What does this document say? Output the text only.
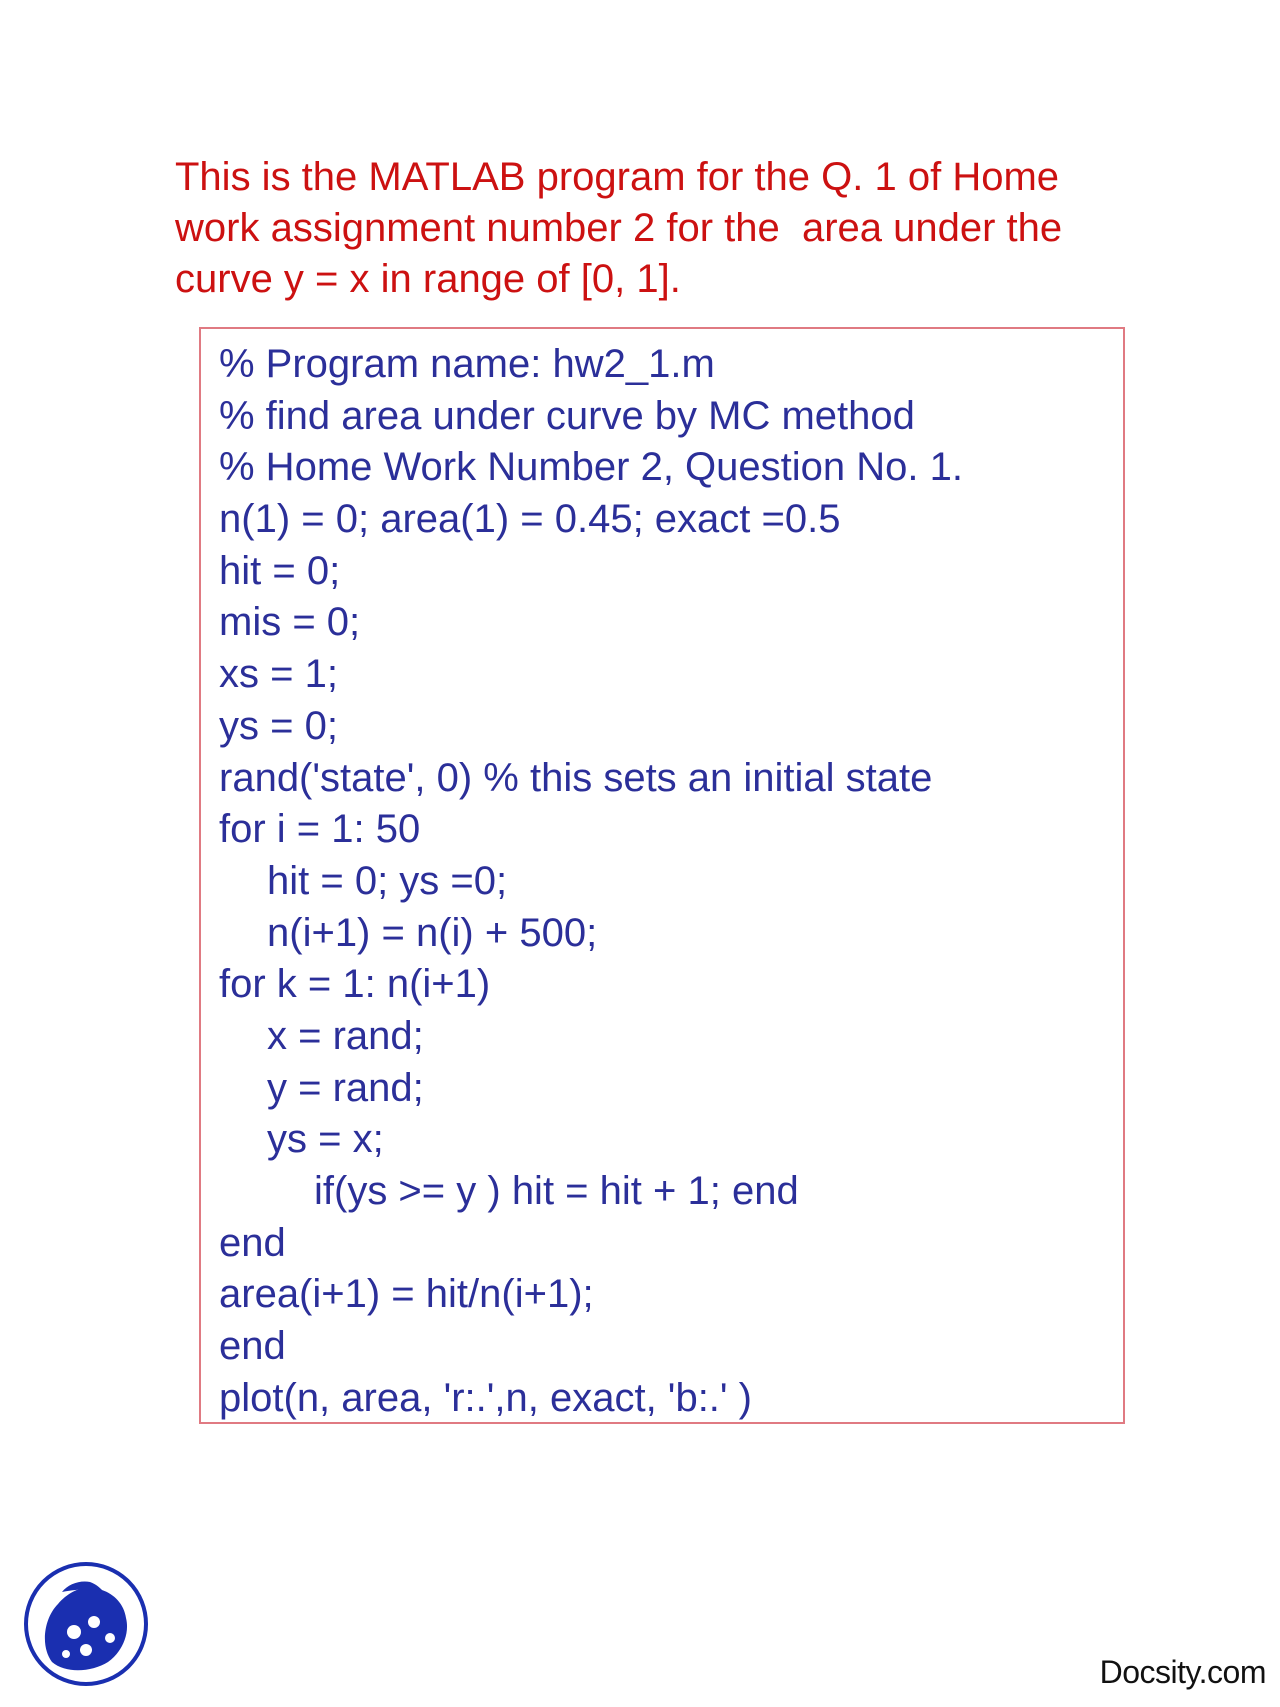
This is the MATLAB program for the Q. 1 of Home
work assignment number 2 for the  area under the
curve y = x in range of [0, 1].
% Program name: hw2_1.m
% find area under curve by MC method
% Home Work Number 2, Question No. 1.
n(1) = 0; area(1) = 0.45; exact =0.5
hit = 0;
mis = 0;
xs = 1;
ys = 0;
rand('state', 0) % this sets an initial state
for i = 1: 50
hit = 0; ys =0;
n(i+1) = n(i) + 500;
for k = 1: n(i+1)
x = rand;
y = rand;
ys = x;
if(ys >= y ) hit = hit + 1; end
end
area(i+1) = hit/n(i+1);
end
plot(n, area, 'r:.',n, exact, 'b:.' )
Docsity.com
